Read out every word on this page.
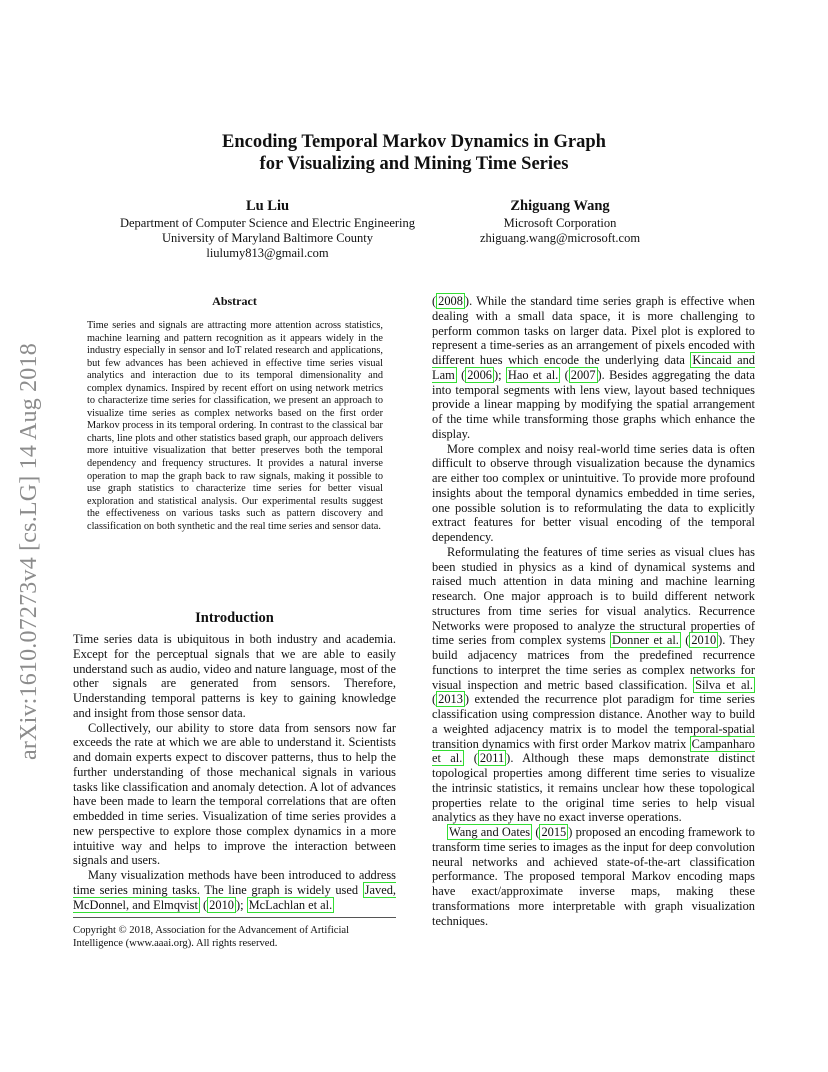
arXiv:1610.07273v4 [cs.LG] 14 Aug 2018
Encoding Temporal Markov Dynamics in Graph
for Visualizing and Mining Time Series
Lu Liu
Department of Computer Science and Electric Engineering
University of Maryland Baltimore County
liulumy813@gmail.com
Zhiguang Wang
Microsoft Corporation
zhiguang.wang@microsoft.com
Abstract
Time series and signals are attracting more attention across statistics, machine learning and pattern recognition as it appears widely in the industry especially in sensor and IoT related research and applications, but few advances has been achieved in effective time series visual analytics and interaction due to its temporal dimensionality and complex dynamics. Inspired by recent effort on using network metrics to characterize time series for classification, we present an approach to visualize time series as complex networks based on the first order Markov process in its temporal ordering. In contrast to the classical bar charts, line plots and other statistics based graph, our approach delivers more intuitive visualization that better preserves both the temporal dependency and frequency structures. It provides a natural inverse operation to map the graph back to raw signals, making it possible to use graph statistics to characterize time series for better visual exploration and statistical analysis. Our experimental results suggest the effectiveness on various tasks such as pattern discovery and classification on both synthetic and the real time series and sensor data.
Introduction

Time series data is ubiquitous in both industry and academia. Except for the perceptual signals that we are able to easily understand such as audio, video and nature language, most of the other signals are generated from sensors. Therefore, Understanding temporal patterns is key to gaining knowledge and insight from those sensor data.

Collectively, our ability to store data from sensors now far exceeds the rate at which we are able to understand it. Scientists and domain experts expect to discover patterns, thus to help the further understanding of those mechanical signals in various tasks like classification and anomaly detection. A lot of advances have been made to learn the temporal correlations that are often embedded in time series. Visualization of time series provides a new perspective to explore those complex dynamics in a more intuitive way and helps to improve the interaction between signals and users.

Many visualization methods have been introduced to address time series mining tasks. The line graph is widely used Javed, McDonnel, and Elmqvist ( 2010 ); McLachlan et al.

Copyright © 2018, Association for the Advancement of Artificial Intelligence (www.aaai.org). All rights reserved.

( 2008 ). While the standard time series graph is effective when dealing with a small data space, it is more challenging to perform common tasks on larger data. Pixel plot is explored to represent a time-series as an arrangement of pixels encoded with different hues which encode the underlying data Kincaid and Lam ( 2006 ); Hao et al. ( 2007 ). Besides aggregating the data into temporal segments with lens view, layout based techniques provide a linear mapping by modifying the spatial arrangement of the time while transforming those graphs which enhance the display.

More complex and noisy real-world time series data is often difficult to observe through visualization because the dynamics are either too complex or unintuitive. To provide more profound insights about the temporal dynamics embedded in time series, one possible solution is to reformulating the data to explicitly extract features for better visual encoding of the temporal dependency.

Reformulating the features of time series as visual clues has been studied in physics as a kind of dynamical systems and raised much attention in data mining and machine learning research. One major approach is to build different network structures from time series for visual analytics. Recurrence Networks were proposed to analyze the structural properties of time series from complex systems Donner et al. ( 2010 ). They build adjacency matrices from the predefined recurrence functions to interpret the time series as complex networks for visual inspection and metric based classification. Silva et al. ( 2013 ) extended the recurrence plot paradigm for time series classification using compression distance. Another way to build a weighted adjacency matrix is to model the temporal-spatial transition dynamics with first order Markov matrix Campanharo et al. ( 2011 ). Although these maps demonstrate distinct topological properties among different time series to visualize the intrinsic statistics, it remains unclear how these topological properties relate to the original time series to help visual analytics as they have no exact inverse operations.

Wang and Oates ( 2015 ) proposed an encoding framework to transform time series to images as the input for deep convolution neural networks and achieved state-of-the-art classification performance. The proposed temporal Markov encoding maps have exact/approximate inverse maps, making these transformations more interpretable with graph visualization techniques.
